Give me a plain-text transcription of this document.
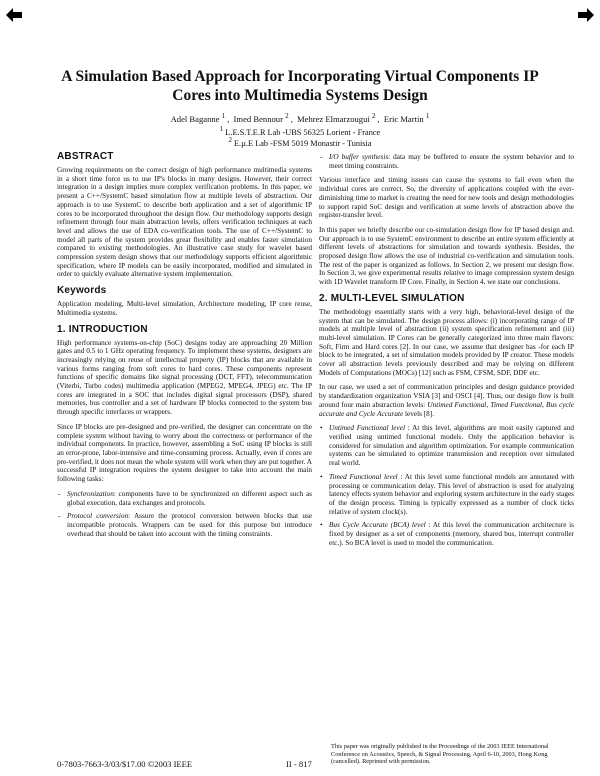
A Simulation Based Approach for Incorporating Virtual Components IP
Cores into Multimedia Systems Design
Adel Baganne $^1$ , Imed Bennour $^2$ , Mehrez Elmarzougui $^2$ , Eric Martin $^1$
$^1$ L.E.S.T.E.R Lab -UBS 56325 Lorient - France
$^2$ E.µ.E Lab -FSM 5019 Monastir - Tunisia
ABSTRACT

Growing requirements on the correct design of high performance multimedia systems in a short time force us to use IP's blocks in many designs. However, their correct integration in a design implies more complex verification problems. In this paper, we present a C++/SystemC based simulation flow at multiple levels of abstraction. Our approach is to use SystemC to describe both application and a set of algorithmic IP cores to be incorporated throughout the design flow. Our methodology supports design refinement through four main abstraction levels, offers verification techniques at each level and allows the use of EDA co-verification tools. The use of C++/SystemC to model all parts of the system provides great flexibility and enables faster simulation compared to existing methodologies. An illustrative case study for wavelet based compression system design shows that our methodology supports efficient algorithmic specification, where IP models can be easily incorporated, modified and simulated in order to quickly evaluate alternative system implementation.

Keywords

Application modeling, Multi-level simulation, Architecture modeling, IP core reuse, Multimedia systems.

1. INTRODUCTION

High performance systems-on-chip (SoC) designs today are approaching 20 Million gates and 0.5 to 1 GHz operating frequency. To implement these systems, designers are increasingly relying on reuse of intellectual property (IP) blocks that are available in various forms ranging from soft cores to hard cores. These components represent functions of specific domains like signal processing (DCT, FFT), telecommunication (Viterbi, Turbo codes) multimedia application (MPEG2, MPEG4, JPEG) etc. The IP cores are integrated in a SOC that includes digital signal processors (DSP), shared memories, bus controller and a set of hardware IP blocks connected to the system bus through specific interfaces or wrappers.

Since IP blocks are pre-designed and pre-verified, the designer can concentrate on the complete system without having to worry about the correctness or performance of the individual components. In practice, however, assembling a SoC using IP blocks is still an error-prone, labor-intensive and time-consuming process. Actually, even if cores are pre-verified, it does not mean the whole system will work when they are put together. A successful IP integration requires the system designer to take into account the main following tasks:

- Synchronization: components have to be synchronized on different aspect such as global execution, data exchanges and protocols.
- Protocol conversion: Assure the protocol conversion between blocks that use incompatible protocols. Wrappers can be used for this purpose but introduce overhead that should be taken into account with the timing constraints.
- I/O buffer synthesis: data may be buffered to ensure the system behavior and to meet timing constraints.

Various interface and timing issues can cause the systems to fail even when the individual cores are correct. So, the diversity of applications coupled with the ever-diminishing time to market is creating the need for new tools and design methodologies to support rapid SoC design and verification at some levels of abstraction above the register-transfer level.

In this paper we briefly describe our co-simulation design flow for IP based design and. Our approach is to use SystemC environment to describe an entire system efficiently at different levels of abstractions for simulation and towards synthesis. Besides, the proposed design flow allows the use of industrial co-verification and simulation tools. The rest of the paper is organized as follows. In Section 2, we present our design flow. In Section 3, we give experimental results relative to image compression system design with 1D Wavelet transform IP Core. Finally, in Section 4, we state our conclusions.

2. MULTI-LEVEL SIMULATION

The methodology essentially starts with a very high, behavioral-level design of the system that can be simulated. The design process allows: (i) incorporating range of IP models at multiple level of abstraction (ii) system specification refinement and (iii) multi-level simulation. IP Cores can be generally categorized into three main flavors: Soft, Firm and Hard cores [2]. In our case, we assume that designer has -for each IP block to be integrated, a set of simulation models provided by IP creator. These models cover all abstraction levels previously described and may be relying on different Models of Computations (MOCs) [12] such as FSM, CFSM, SDF, DDF etc.

In our case, we used a set of communication principles and design guidance provided by standardization organization VSIA [3] and OSCI [4]. Thus, our design flow is built around four main abstraction levels: Untimed Functional, Timed Functional, Bus cycle accurate and Cycle Accurate levels [8].

• Untimed Functional level : At this level, algorithms are most easily captured and verified using untimed functional models. Only the application behavior is considered for simulation and algorithm optimization. For example communication systems can be simulated to optimize transmission and reception over simulated real world.
• Timed Functional level : At this level some functional models are annotated with processing or communication delay. This level of abstraction is used for analyzing latency effects system behavior and exploring system architecture in the early stages of the design process. Timing is typically expressed as a number of clock ticks relative of system clock(s).
• Bus Cycle Accurate (BCA) level : At this level the communication architecture is fixed by designer as a set of components (memory, shared bus, interrupt controller etc.). So BCA level is used to model the communication.
0-7803-7663-3/03/$17.00 ©2003 IEEE	II - 817
This paper was originally published in the Proceedings of the 2003 IEEE International Conference on Acoustics, Speech, & Signal Processing, April 6-10, 2003, Hong Kong (cancelled). Reprinted with permission.
